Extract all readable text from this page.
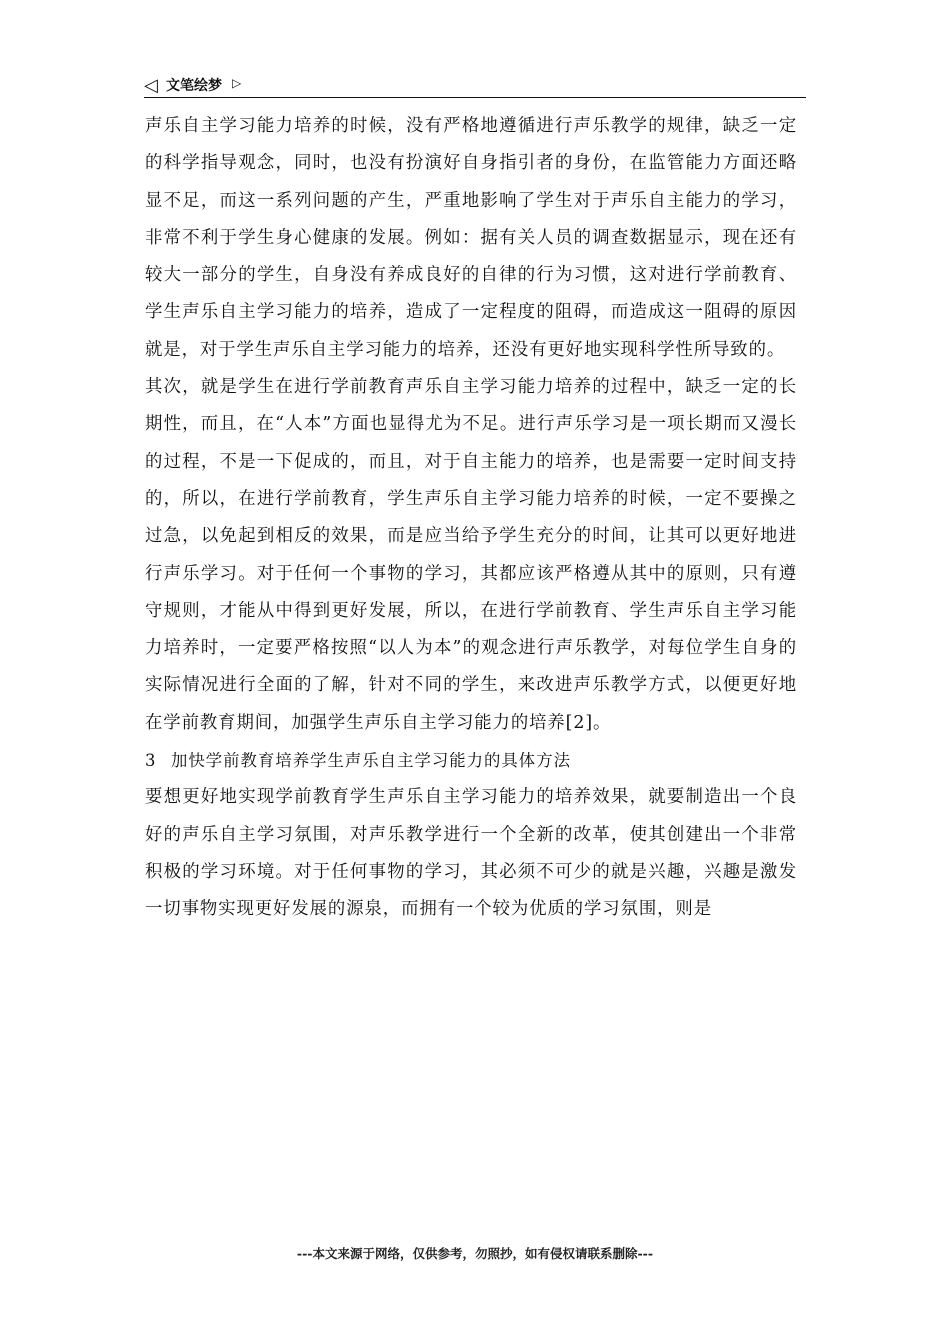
◁ 文笔绘梦 ▷

声乐自主学习能力培养的时候，没有严格地遵循进行声乐教学的规律，缺乏一定的科学指导观念，同时，也没有扮演好自身指引者的身份，在监管能力方面还略显不足，而这一系列问题的产生，严重地影响了学生对于声乐自主能力的学习，非常不利于学生身心健康的发展。例如：据有关人员的调查数据显示，现在还有较大一部分的学生，自身没有养成良好的自律的行为习惯，这对进行学前教育、学生声乐自主学习能力的培养，造成了一定程度的阻碍，而造成这一阻碍的原因就是，对于学生声乐自主学习能力的培养，还没有更好地实现科学性所导致的。

其次，就是学生在进行学前教育声乐自主学习能力培养的过程中，缺乏一定的长期性，而且，在“人本”方面也显得尤为不足。进行声乐学习是一项长期而又漫长的过程，不是一下促成的，而且，对于自主能力的培养，也是需要一定时间支持的，所以，在进行学前教育，学生声乐自主学习能力培养的时候，一定不要操之过急，以免起到相反的效果，而是应当给予学生充分的时间，让其可以更好地进行声乐学习。对于任何一个事物的学习，其都应该严格遵从其中的原则，只有遵守规则，才能从中得到更好发展，所以，在进行学前教育、学生声乐自主学习能力培养时，一定要严格按照“以人为本”的观念进行声乐教学，对每位学生自身的实际情况进行全面的了解，针对不同的学生，来改进声乐教学方式，以便更好地在学前教育期间，加强学生声乐自主学习能力的培养[2]。

3 加快学前教育培养学生声乐自主学习能力的具体方法

要想更好地实现学前教育学生声乐自主学习能力的培养效果，就要制造出一个良好的声乐自主学习氛围，对声乐教学进行一个全新的改革，使其创建出一个非常积极的学习环境。对于任何事物的学习，其必须不可少的就是兴趣，兴趣是激发一切事物实现更好发展的源泉，而拥有一个较为优质的学习氛围，则是

---本文来源于网络，仅供参考，勿照抄，如有侵权请联系删除---
